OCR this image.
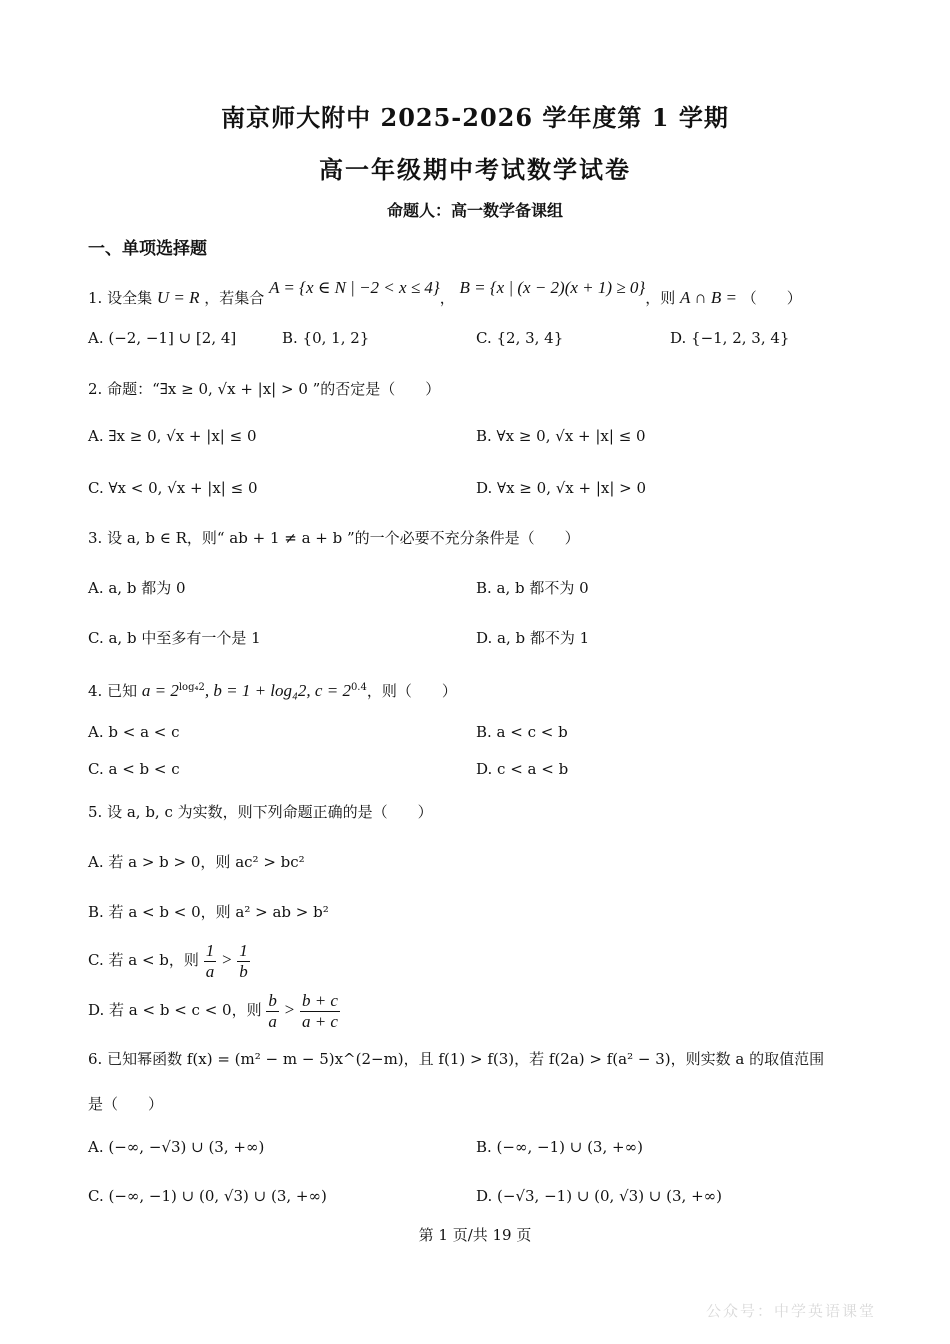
南京师大附中 2025-2026 学年度第 1 学期
高一年级期中考试数学试卷
命题人：高一数学备课组
一、单项选择题
1. 设全集 U = R ，若集合 A = {x ∈ N | −2 < x ≤ 4}， B = {x | (x − 2)(x + 1) ≥ 0}，则 A ∩ B = （　　）
A. (−2, −1] ∪ [2, 4]	B. {0, 1, 2}	C. {2, 3, 4}	D. {−1, 2, 3, 4}
2. 命题：“∃x ≥ 0, √x + |x| > 0 ”的否定是（　　）
A. ∃x ≥ 0, √x + |x| ≤ 0	B. ∀x ≥ 0, √x + |x| ≤ 0
C. ∀x < 0, √x + |x| ≤ 0	D. ∀x ≥ 0, √x + |x| > 0
3. 设 a, b ∈ R，则“ ab + 1 ≠ a + b ”的一个必要不充分条件是（　　）
A. a, b 都为 0	B. a, b 都不为 0
C. a, b 中至多有一个是 1	D. a, b 都不为 1
4. 已知 $a = 2^{log_42}$, b = 1 + log₄2, $c = 2^{0.4}$，则（　　）
A. b < a < c	B. a < c < b
C. a < b < c	D. c < a < b
5. 设 a, b, c 为实数，则下列命题正确的是（　　）
A. 若 a > b > 0，则 ac² > bc²
B. 若 a < b < 0，则 a² > ab > b²
C. 若 a < b，则 $\frac{1}{a} > \frac{1}{b}$
D. 若 a < b < c < 0，则 $\frac{b}{a} > \frac{b + c}{a + c}$
6. 已知幂函数 f(x) = (m² − m − 5)x^(2−m)，且 f(1) > f(3)，若 f(2a) > f(a² − 3)，则实数 a 的取值范围
是（　　）
A. (−∞, −√3) ∪ (3, +∞)	B. (−∞, −1) ∪ (3, +∞)
C. (−∞, −1) ∪ (0, √3) ∪ (3, +∞)	D. (−√3, −1) ∪ (0, √3) ∪ (3, +∞)
第 1 页/共 19 页
公众号：中学英语课堂
